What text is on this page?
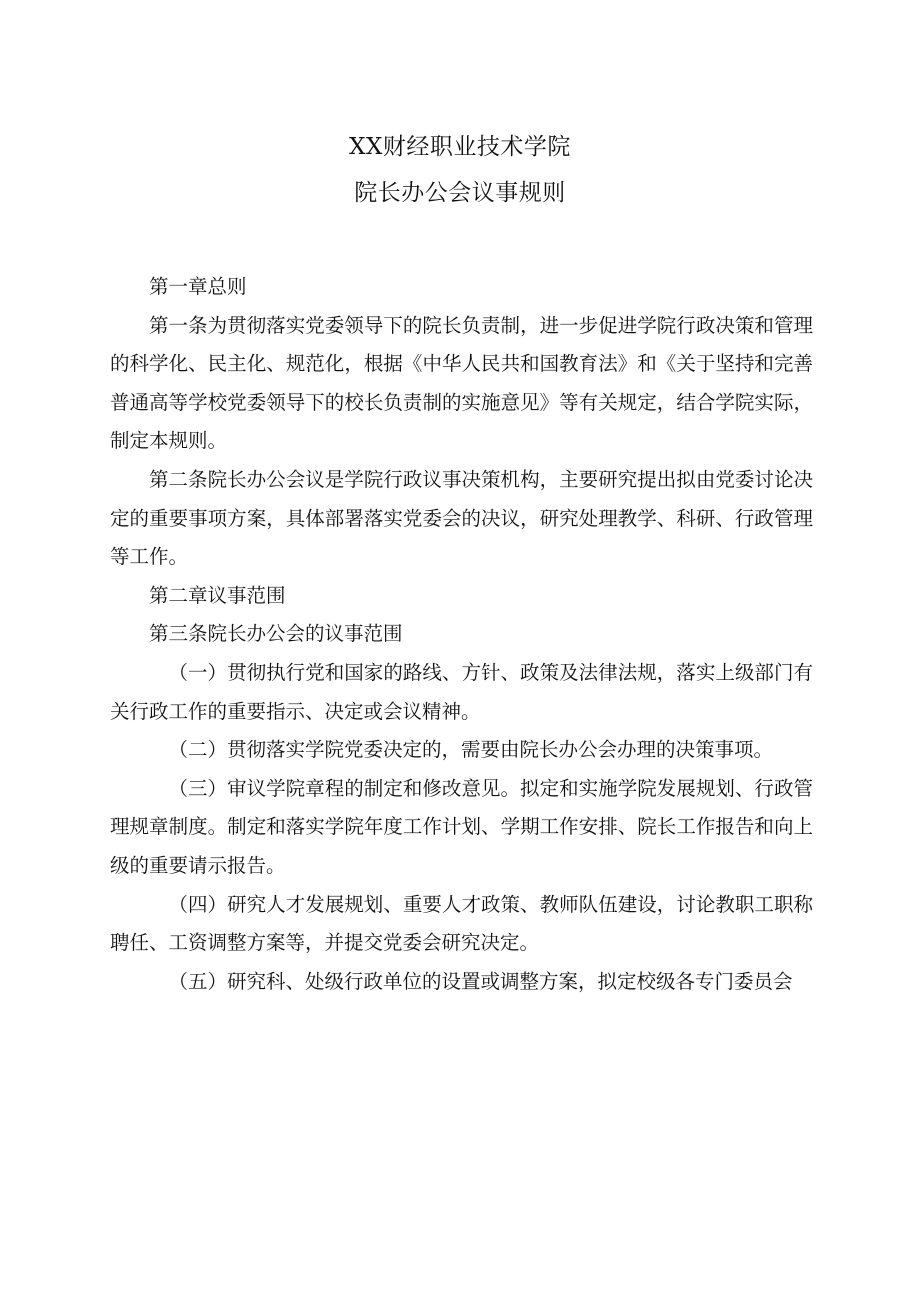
XX财经职业技术学院
院长办公会议事规则

第一章总则

第一条为贯彻落实党委领导下的院长负责制，进一步促进学院行政决策和管理的科学化、民主化、规范化，根据《中华人民共和国教育法》和《关于坚持和完善普通高等学校党委领导下的校长负责制的实施意见》等有关规定，结合学院实际，制定本规则。

第二条院长办公会议是学院行政议事决策机构，主要研究提出拟由党委讨论决定的重要事项方案，具体部署落实党委会的决议，研究处理教学、科研、行政管理等工作。

第二章议事范围

第三条院长办公会的议事范围

（一）贯彻执行党和国家的路线、方针、政策及法律法规，落实上级部门有关行政工作的重要指示、决定或会议精神。

（二）贯彻落实学院党委决定的，需要由院长办公会办理的决策事项。

（三）审议学院章程的制定和修改意见。拟定和实施学院发展规划、行政管理规章制度。制定和落实学院年度工作计划、学期工作安排、院长工作报告和向上级的重要请示报告。

（四）研究人才发展规划、重要人才政策、教师队伍建设，讨论教职工职称聘任、工资调整方案等，并提交党委会研究决定。

（五）研究科、处级行政单位的设置或调整方案，拟定校级各专门委员会
